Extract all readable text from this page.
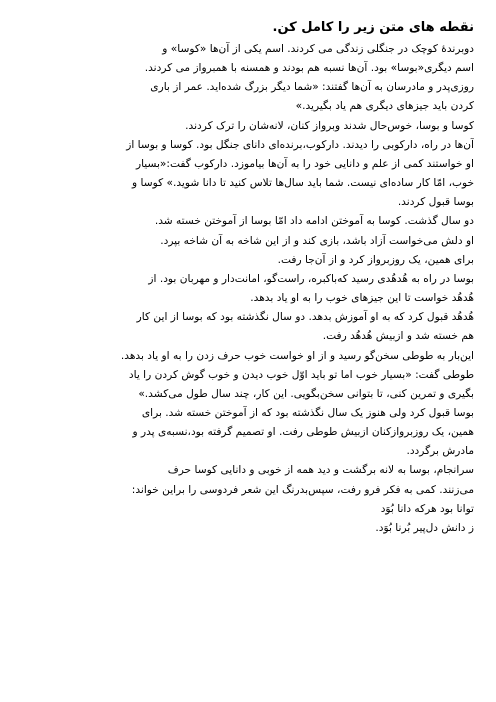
نقطه های متن زیر را کامل کن.
دوبرندهٔ کوچک در جنگلی زندگی می کردند. اسم یکی از آن‌ها «کوسا» و
اسم دیگری«بوسا» بود. آن‌ها نسبه هم بودند و همسنه با همبرواز می کردند.
روزی‌پدر و مادرسان به آن‌ها گفتند: «شما دیگر بزرگ شده‌اید. عمر از باری
کردن باید جیزهای دیگری هم یاد بگیرید.»
کوسا و بوسا، خوس‌حال شدند وبرواز کنان، لانه‌شان را ترک کردند.
آن‌ها در راه، دارکوبی را دیدند. دارکوب،برنده‌ای دانای جنگل بود. کوسا و بوسا از
او خواستند کمی از علم و دانایی خود را به آن‌ها بیاموزد. دارکوب گفت:«بسیار
خوب، امّا کار ساده‌ای نیست. شما باید سال‌ها تلاس کنید تا دانا شوید.» کوسا و
بوسا قبول کردند.
دو سال گذشت. کوسا به آموختن ادامه داد امّا بوسا از آموختن خسته شد.
او دلش می‌خواست آزاد باشد، بازی کند و از این شاخه به آن شاخه بپرد.
برای همین، یک روزبرواز کرد و از آن‌جا رفت.
بوسا در راه به هُدهُدی رسید که‌باکبره، راست‌گو، امانت‌دار و مهربان بود. از
هُدهُد خواست تا این جیزهای خوب را به او یاد بدهد.
هُدهُد قبول کرد که به او آموزش بدهد. دو سال نگذشته بود که بوسا از این کار
هم خسته شد و ازبیش هُدهُد رفت.
این‌بار به طوطی سخن‌گو رسید و از او خواست خوب حرف زدن را به او یاد بدهد.
طوطی گفت: «بسیار خوب اما تو باید اوّل خوب دیدن و خوب گوش کردن را یاد
بگیری و تمرین کنی، تا بتوانی سخن‌بگویی. این کار، چند سال طول می‌کشد.»
بوسا قبول کرد ولی هنوز یک سال نگذشته بود که از آموختن خسته شد. برای
همین، یک روزبروازکنان ازبیش طوطی رفت. او تصمیم گرفته بود،نسبه‌ی پدر و
مادرش برگردد.
سرانجام، بوسا به لانه برگشت و دید همه از خوبی و دانایی کوسا حرف
می‌زنند. کمی به فکر فرو رفت، سپس‌بدرنگ این شعر فردوسی را براین خواند:
توانا بود هرکه دانا بُوَد
ز دانش دل‌پیر بُرنا بُوَد.
